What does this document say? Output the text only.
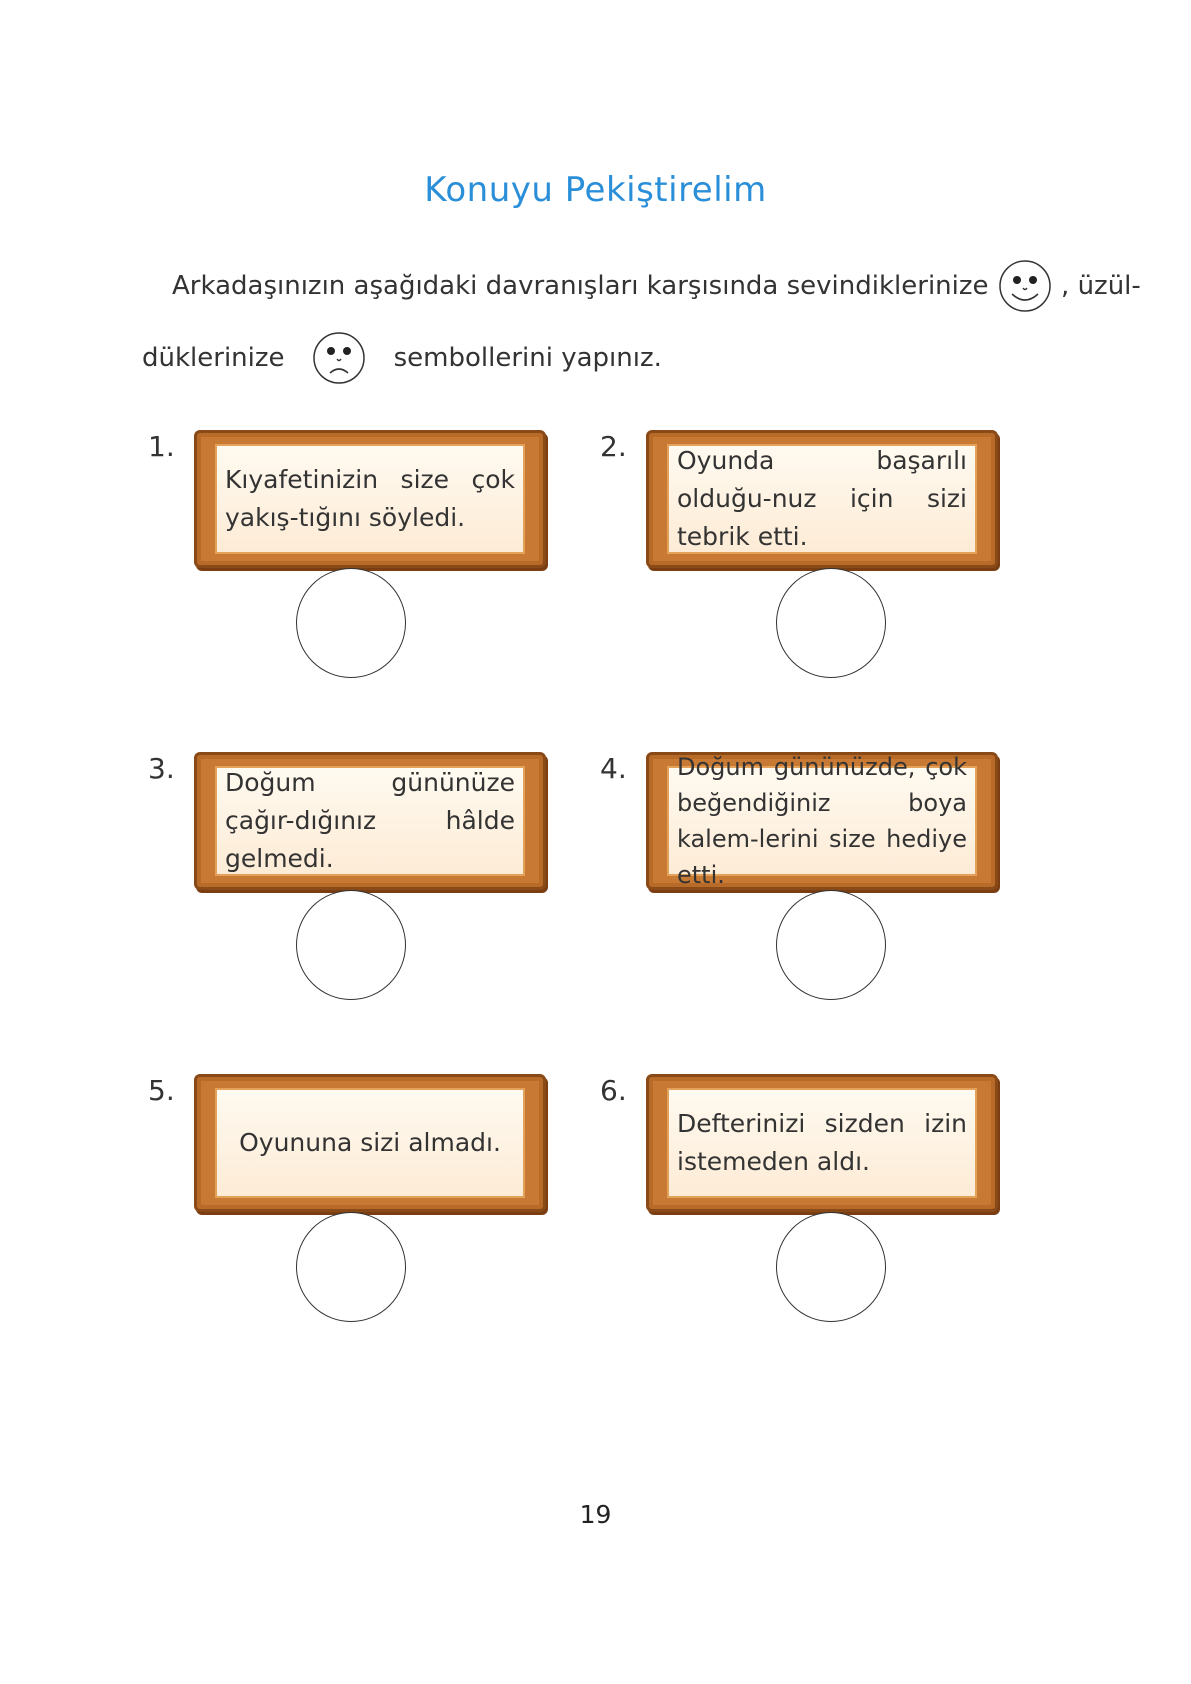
Konuyu Pekiştirelim
Arkadaşınızın aşağıdaki davranışları karşısında sevindiklerinize	, üzül-
düklerinize	sembollerini yapınız.
1.
Kıyafetinizin size çok yakış-tığını söyledi.
2. Oyunda başarılı olduğu-nuz için sizi tebrik etti.
3. Doğum gününüze çağır-dığınız hâlde gelmedi.
4. Doğum gününüzde, çok beğendiğiniz boya kalem-lerini size hediye etti.
5.
Oyununa sizi almadı.
6.
Defterinizi sizden izin istemeden aldı.
19
